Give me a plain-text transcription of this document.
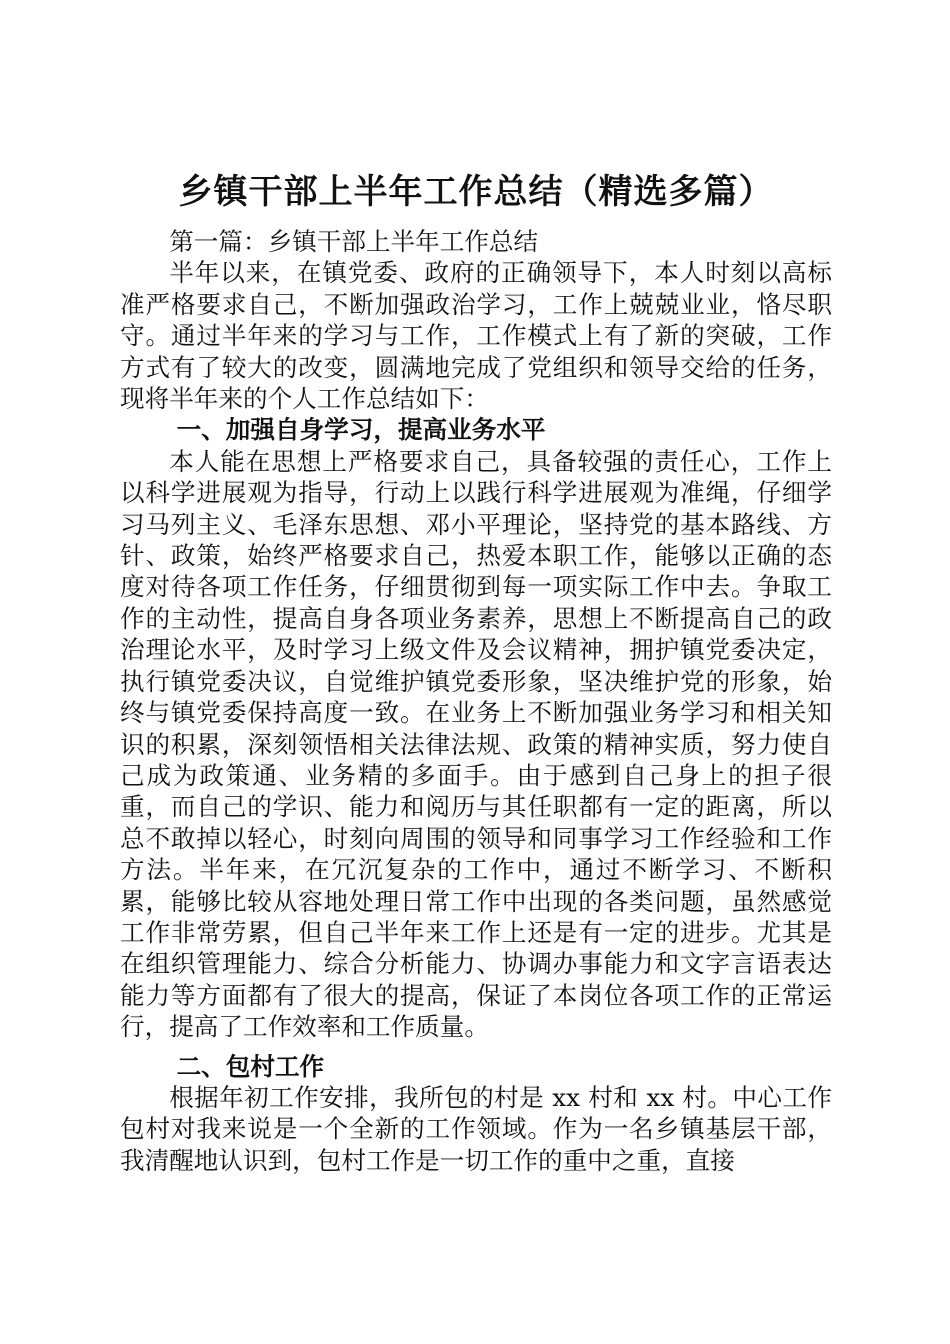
乡镇干部上半年工作总结（精选多篇）

第一篇：乡镇干部上半年工作总结

半年以来，在镇党委、政府的正确领导下，本人时刻以高标准严格要求自己，不断加强政治学习，工作上兢兢业业，恪尽职守。通过半年来的学习与工作，工作模式上有了新的突破，工作方式有了较大的改变，圆满地完成了党组织和领导交给的任务，现将半年来的个人工作总结如下：

一、加强自身学习，提高业务水平

本人能在思想上严格要求自己，具备较强的责任心，工作上以科学进展观为指导，行动上以践行科学进展观为准绳，仔细学习马列主义、毛泽东思想、邓小平理论，坚持党的基本路线、方针、政策，始终严格要求自己，热爱本职工作，能够以正确的态度对待各项工作任务，仔细贯彻到每一项实际工作中去。争取工作的主动性，提高自身各项业务素养，思想上不断提高自己的政治理论水平，及时学习上级文件及会议精神，拥护镇党委决定，执行镇党委决议，自觉维护镇党委形象，坚决维护党的形象，始终与镇党委保持高度一致。在业务上不断加强业务学习和相关知识的积累，深刻领悟相关法律法规、政策的精神实质，努力使自己成为政策通、业务精的多面手。由于感到自己身上的担子很重，而自己的学识、能力和阅历与其任职都有一定的距离，所以总不敢掉以轻心，时刻向周围的领导和同事学习工作经验和工作方法。半年来，在冗沉复杂的工作中，通过不断学习、不断积累，能够比较从容地处理日常工作中出现的各类问题，虽然感觉工作非常劳累，但自己半年来工作上还是有一定的进步。尤其是在组织管理能力、综合分析能力、协调办事能力和文字言语表达能力等方面都有了很大的提高，保证了本岗位各项工作的正常运行，提高了工作效率和工作质量。

二、包村工作

根据年初工作安排，我所包的村是 xx 村和 xx 村。中心工作包村对我来说是一个全新的工作领域。作为一名乡镇基层干部，我清醒地认识到，包村工作是一切工作的重中之重，直接
